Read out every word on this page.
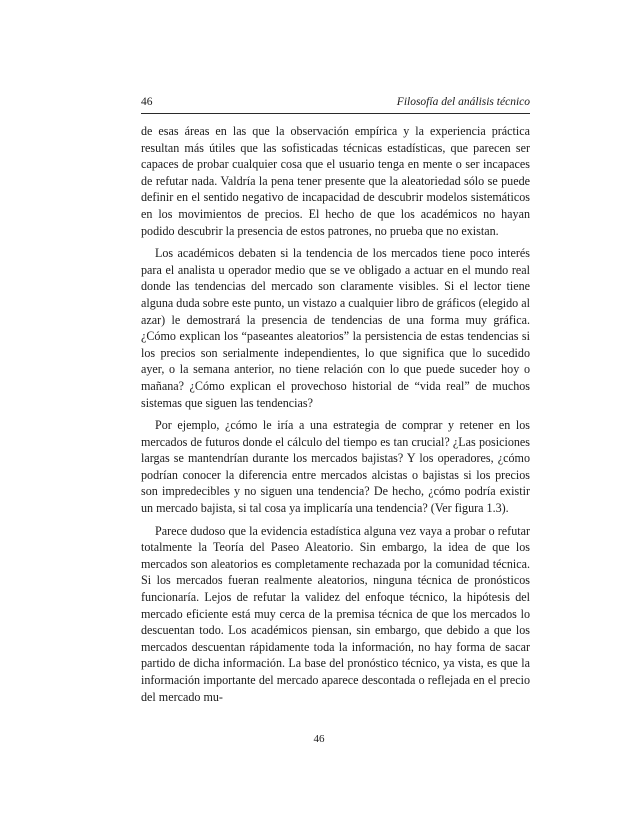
46	Filosofía del análisis técnico

de esas áreas en las que la observación empírica y la experiencia práctica resultan más útiles que las sofisticadas técnicas estadísticas, que parecen ser capaces de probar cualquier cosa que el usuario tenga en mente o ser incapaces de refutar nada. Valdría la pena tener presente que la aleatoriedad sólo se puede definir en el sentido negativo de incapacidad de descubrir modelos sistemáticos en los movimientos de precios. El hecho de que los académicos no hayan podido descubrir la presencia de estos patrones, no prueba que no existan.

Los académicos debaten si la tendencia de los mercados tiene poco interés para el analista u operador medio que se ve obligado a actuar en el mundo real donde las tendencias del mercado son claramente visibles. Si el lector tiene alguna duda sobre este punto, un vistazo a cualquier libro de gráficos (elegido al azar) le demostrará la presencia de tendencias de una forma muy gráfica. ¿Cómo explican los “paseantes aleatorios” la persistencia de estas tendencias si los precios son serialmente independientes, lo que significa que lo sucedido ayer, o la semana anterior, no tiene relación con lo que puede suceder hoy o mañana? ¿Cómo explican el provechoso historial de “vida real” de muchos sistemas que siguen las tendencias?

Por ejemplo, ¿cómo le iría a una estrategia de comprar y retener en los mercados de futuros donde el cálculo del tiempo es tan crucial? ¿Las posiciones largas se mantendrían durante los mercados bajistas? Y los operadores, ¿cómo podrían conocer la diferencia entre mercados alcistas o bajistas si los precios son impredecibles y no siguen una tendencia? De hecho, ¿cómo podría existir un mercado bajista, si tal cosa ya implicaría una tendencia? (Ver figura 1.3).

Parece dudoso que la evidencia estadística alguna vez vaya a probar o refutar totalmente la Teoría del Paseo Aleatorio. Sin embargo, la idea de que los mercados son aleatorios es completamente rechazada por la comunidad técnica. Si los mercados fueran realmente aleatorios, ninguna técnica de pronósticos funcionaría. Lejos de refutar la validez del enfoque técnico, la hipótesis del mercado eficiente está muy cerca de la premisa técnica de que los mercados lo descuentan todo. Los académicos piensan, sin embargo, que debido a que los mercados descuentan rápidamente toda la información, no hay forma de sacar partido de dicha información. La base del pronóstico técnico, ya vista, es que la información importante del mercado aparece descontada o reflejada en el precio del mercado mu-

46
